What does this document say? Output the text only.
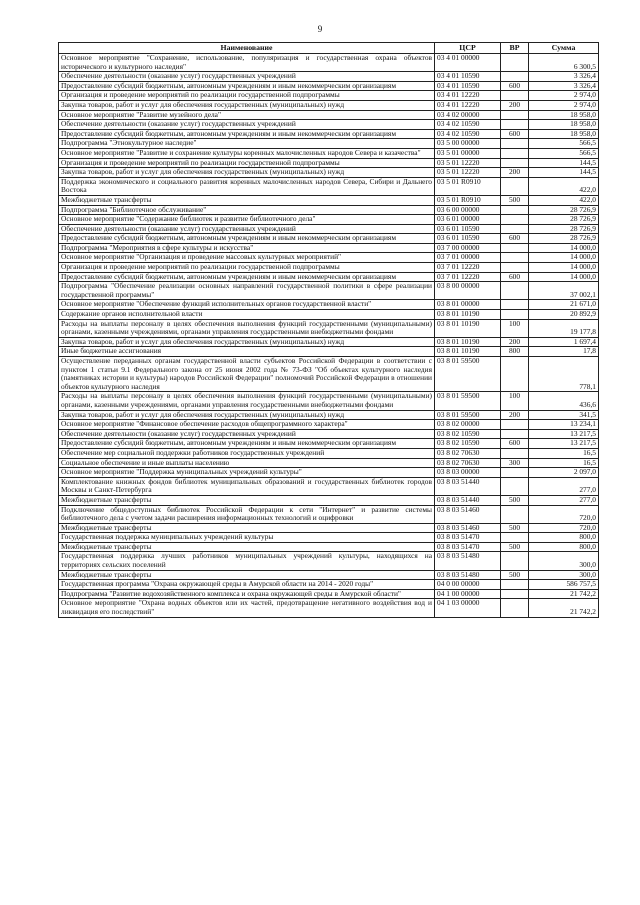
9
Наименование	ЦСР	ВР	Сумма
Основное мероприятие "Сохранение, использование, популяризация и государственная охрана объектов исторического и культурного наследия"	03 4 01 00000		6 300,5
Обеспечение деятельности (оказание услуг) государственных учреждений	03 4 01 10590		3 326,4
Предоставление субсидий бюджетным, автономным учреждениям и иным некоммерческим организациям	03 4 01 10590	600	3 326,4
Организация и проведение мероприятий по реализации государственной подпрограммы	03 4 01 12220		2 974,0
Закупка товаров, работ и услуг для обеспечения государственных (муниципальных) нужд	03 4 01 12220	200	2 974,0
Основное мероприятие "Развитие музейного дела"	03 4 02 00000		18 958,0
Обеспечение деятельности (оказание услуг) государственных учреждений	03 4 02 10590		18 958,0
Предоставление субсидий бюджетным, автономным учреждениям и иным некоммерческим организациям	03 4 02 10590	600	18 958,0
Подпрограмма "Этнокультурное наследие"	03 5 00 00000		566,5
Основное мероприятие "Развитие и сохранение культуры коренных малочисленных народов Севера и казачества"	03 5 01 00000		566,5
Организация и проведение мероприятий по реализации государственной подпрограммы	03 5 01 12220		144,5
Закупка товаров, работ и услуг для обеспечения государственных (муниципальных) нужд	03 5 01 12220	200	144,5
Поддержка экономического и социального развития коренных малочисленных народов Севера, Сибири и Дальнего Востока	03 5 01 R0910		422,0
Межбюджетные трансферты	03 5 01 R0910	500	422,0
Подпрограмма "Библиотечное обслуживание"	03 6 00 00000		28 726,9
Основное мероприятие "Содержание библиотек и развитие библиотечного дела"	03 6 01 00000		28 726,9
Обеспечение деятельности (оказание услуг) государственных учреждений	03 6 01 10590		28 726,9
Предоставление субсидий бюджетным, автономным учреждениям и иным некоммерческим организациям	03 6 01 10590	600	28 726,9
Подпрограмма "Мероприятия в сфере культуры и искусства"	03 7 00 00000		14 000,0
Основное мероприятие "Организация и проведение массовых культурных мероприятий"	03 7 01 00000		14 000,0
Организация и проведение мероприятий по реализации государственной подпрограммы	03 7 01 12220		14 000,0
Предоставление субсидий бюджетным, автономным учреждениям и иным некоммерческим организациям	03 7 01 12220	600	14 000,0
Подпрограмма "Обеспечение реализации основных направлений государственной политики в сфере реализации государственной программы"	03 8 00 00000		37 002,1
Основное мероприятие "Обеспечение функций исполнительных органов государственной власти"	03 8 01 00000		21 671,0
Содержание органов исполнительной власти	03 8 01 10190		20 892,9
Расходы на выплаты персоналу в целях обеспечения выполнения функций государственными (муниципальными) органами, казенными учреждениями, органами управления государственными внебюджетными фондами	03 8 01 10190	100	19 177,8
Закупка товаров, работ и услуг для обеспечения государственных (муниципальных) нужд	03 8 01 10190	200	1 697,4
Иные бюджетные ассигнования	03 8 01 10190	800	17,8
Осуществление переданных органам государственной власти субъектов Российской Федерации в соответствии с пунктом 1 статьи 9.1 Федерального закона от 25 июня 2002 года № 73-ФЗ "Об объектах культурного наследия (памятниках истории и культуры) народов Российской Федерации" полномочий Российской Федерации в отношении объектов культурного наследия	03 8 01 59500		778,1
Расходы на выплаты персоналу в целях обеспечения выполнения функций государственными (муниципальными) органами, казенными учреждениями, органами управления государственными внебюджетными фондами	03 8 01 59500	100	436,6
Закупка товаров, работ и услуг для обеспечения государственных (муниципальных) нужд	03 8 01 59500	200	341,5
Основное мероприятие "Финансовое обеспечение расходов общепрограммного характера"	03 8 02 00000		13 234,1
Обеспечение деятельности (оказание услуг) государственных учреждений	03 8 02 10590		13 217,5
Предоставление субсидий бюджетным, автономным учреждениям и иным некоммерческим организациям	03 8 02 10590	600	13 217,5
Обеспечение мер социальной поддержки работников государственных учреждений	03 8 02 70630		16,5
Социальное обеспечение и иные выплаты населению	03 8 02 70630	300	16,5
Основное мероприятие "Поддержка муниципальных учреждений культуры"	03 8 03 00000		2 097,0
Комплектование книжных фондов библиотек муниципальных образований и государственных библиотек городов Москвы и Санкт-Петербурга	03 8 03 51440		277,0
Межбюджетные трансферты	03 8 03 51440	500	277,0
Подключение общедоступных библиотек Российской Федерации к сети "Интернет" и развитие системы библиотечного дела с учетом задачи расширения информационных технологий и оцифровки	03 8 03 51460		720,0
Межбюджетные трансферты	03 8 03 51460	500	720,0
Государственная поддержка муниципальных учреждений культуры	03 8 03 51470		800,0
Межбюджетные трансферты	03 8 03 51470	500	800,0
Государственная поддержка лучших работников муниципальных учреждений культуры, находящихся на территориях сельских поселений	03 8 03 51480		300,0
Межбюджетные трансферты	03 8 03 51480	500	300,0
Государственная программа "Охрана окружающей среды в Амурской области на 2014 - 2020 годы"	04 0 00 00000		586 757,5
Подпрограмма "Развитие водохозяйственного комплекса и охрана окружающей среды в Амурской области"	04 1 00 00000		21 742,2
Основное мероприятие "Охрана водных объектов или их частей, предотвращение негативного воздействия вод и ликвидация его последствий"	04 1 03 00000		21 742,2
